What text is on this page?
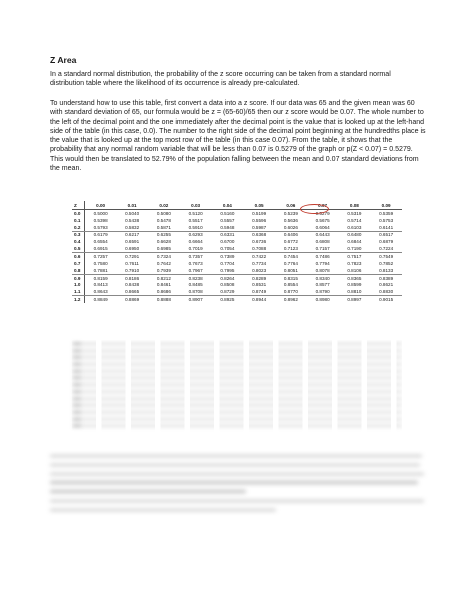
Z Area

In a standard normal distribution, the probability of the z score occurring can be taken from a standard normal distribution table where the likelihood of its occurrence is already pre-calculated.

To understand how to use this table, first convert a data into a z score. If our data was 65 and the given mean was 60 with standard deviation of 65, our formula would be z = (65-60)/65 then our z score would be 0.07. The whole number to the left of the decimal point and the one immediately after the decimal point is the value that is looked up at the left-hand side of the table (in this case, 0.0). The number to the right side of the decimal point beginning at the hundredths place is the value that is looked up at the top most row of the table (in this case 0.07). From the table, it shows that the probability that any normal random variable that will be less than 0.07 is 0.5279 of the graph or p(Z < 0.07) = 0.5279. This would then be translated to 52.79% of the population falling between the mean and 0.07 standard deviations from the mean.

Z	0.00	0.01	0.02	0.03	0.04	0.05	0.06	0.07	0.08	0.09
0.0	0.5000	0.5040	0.5080	0.5120	0.5160	0.5199	0.5239	0.5279	0.5319	0.5359
0.1	0.5398	0.5438	0.5478	0.5517	0.5557	0.5596	0.5636	0.5675	0.5714	0.5753
0.2	0.5793	0.5832	0.5871	0.5910	0.5948	0.5987	0.6026	0.6064	0.6103	0.6141
0.3	0.6179	0.6217	0.6255	0.6293	0.6331	0.6368	0.6406	0.6443	0.6480	0.6517
0.4	0.6554	0.6591	0.6628	0.6664	0.6700	0.6736	0.6772	0.6808	0.6844	0.6879
0.5	0.6915	0.6950	0.6985	0.7019	0.7054	0.7088	0.7123	0.7157	0.7190	0.7224
0.6	0.7257	0.7291	0.7324	0.7357	0.7389	0.7422	0.7454	0.7486	0.7517	0.7549
0.7	0.7580	0.7611	0.7642	0.7673	0.7704	0.7734	0.7764	0.7794	0.7823	0.7852
0.8	0.7881	0.7910	0.7939	0.7967	0.7995	0.8023	0.8051	0.8078	0.8106	0.8133
0.9	0.8159	0.8186	0.8212	0.8238	0.8264	0.8289	0.8315	0.8340	0.8365	0.8389
1.0	0.8413	0.8438	0.8461	0.8485	0.8508	0.8531	0.8554	0.8577	0.8599	0.8621
1.1	0.8643	0.8665	0.8686	0.8708	0.8729	0.8749	0.8770	0.8790	0.8810	0.8830
1.2	0.8849	0.8869	0.8888	0.8907	0.8925	0.8944	0.8962	0.8980	0.8997	0.9015
